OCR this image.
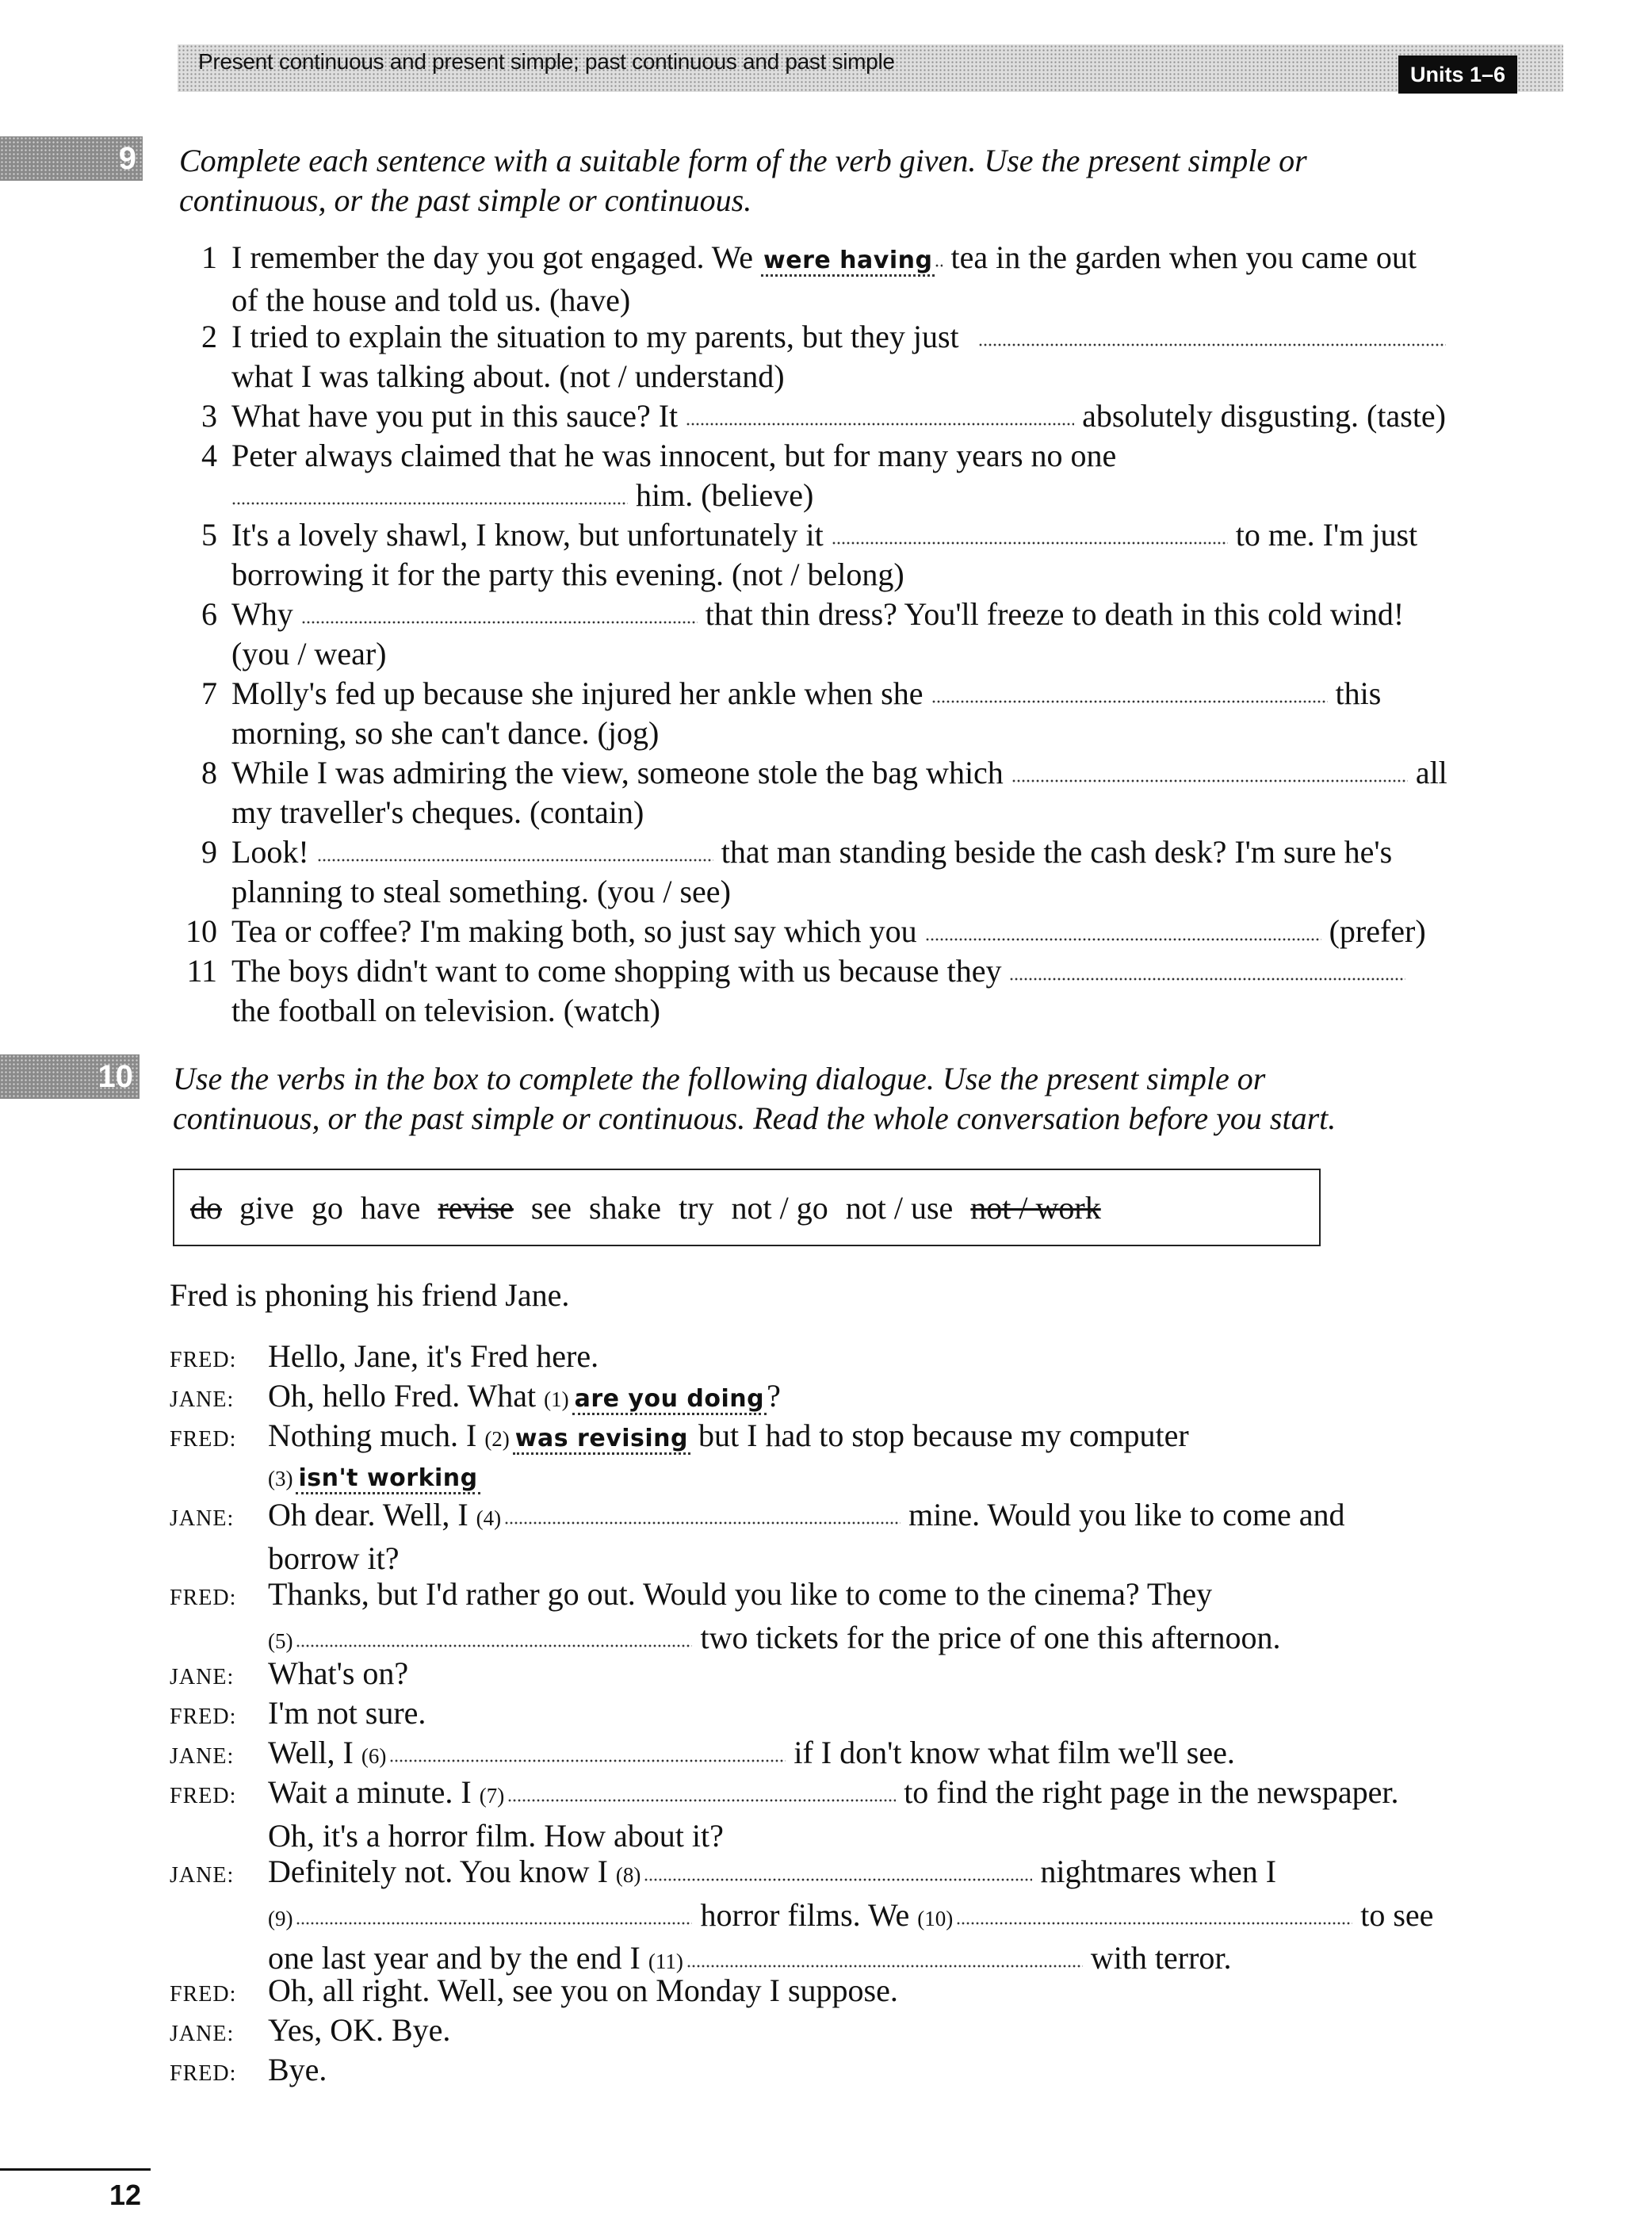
Present continuous and present simple; past continuous and past simple
Units 1–6
9 Complete each sentence with a suitable form of the verb given. Use the present simple or
continuous, or the past simple or continuous.
1 I remember the day you got engaged. We were having tea in the garden when you came out
of the house and told us. (have)
2 I tried to explain the situation to my parents, but they just
what I was talking about. (not / understand)
3 What have you put in this sauce? It	absolutely disgusting. (taste)
4 Peter always claimed that he was innocent, but for many years no one
him. (believe)
5 It's a lovely shawl, I know, but unfortunately it	to me. I'm just
borrowing it for the party this evening. (not / belong)
6 Why	that thin dress? You'll freeze to death in this cold wind!
(you / wear)
7 Molly's fed up because she injured her ankle when she	this
morning, so she can't dance. (jog)
8 While I was admiring the view, someone stole the bag which	all
my traveller's cheques. (contain)
9 Look!	that man standing beside the cash desk? I'm sure he's
planning to steal something. (you / see)
10 Tea or coffee? I'm making both, so just say which you	(prefer)
11 The boys didn't want to come shopping with us because they
the football on television. (watch)
10 Use the verbs in the box to complete the following dialogue. Use the present simple or
continuous, or the past simple or continuous. Read the whole conversation before you start.
do give go have revise see shake try not / go not / use not / work
Fred is phoning his friend Jane.
FRED: Hello, Jane, it's Fred here.
JANE: Oh, hello Fred. What (1) are you doing?
FRED: Nothing much. I (2) was revising but I had to stop because my computer
(3) isn't working
JANE: Oh dear. Well, I (4)	mine. Would you like to come and
borrow it?
FRED: Thanks, but I'd rather go out. Would you like to come to the cinema? They
(5)	two tickets for the price of one this afternoon.
JANE: What's on?
FRED: I'm not sure.
JANE: Well, I (6)	if I don't know what film we'll see.
FRED: Wait a minute. I (7)	to find the right page in the newspaper.
Oh, it's a horror film. How about it?
JANE: Definitely not. You know I (8)	nightmares when I
(9)	horror films. We (10)	to see
one last year and by the end I (11)	with terror.
FRED: Oh, all right. Well, see you on Monday I suppose.
JANE: Yes, OK. Bye.
FRED: Bye.
12
